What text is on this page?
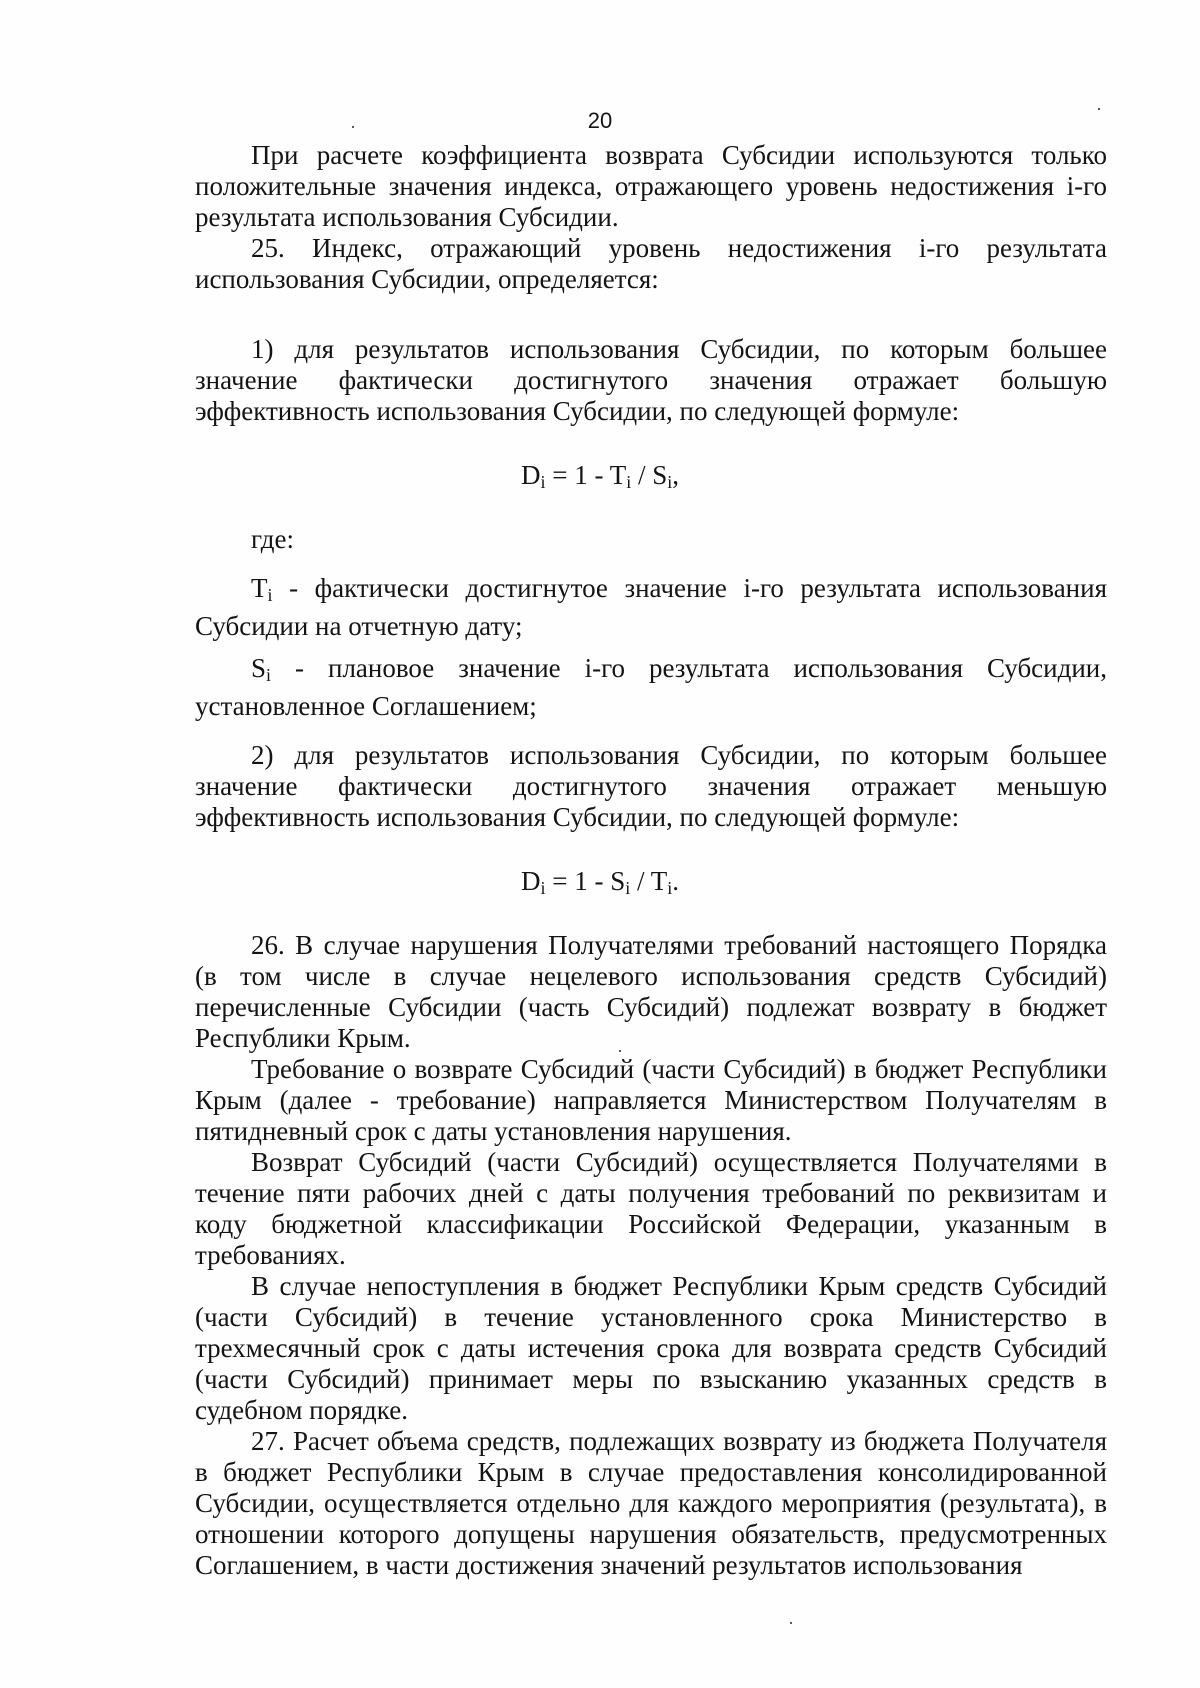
20
При расчете коэффициента возврата Субсидии используются только положительные значения индекса, отражающего уровень недостижения i-го результата использования Субсидии.
25. Индекс, отражающий уровень недостижения i-го результата использования Субсидии, определяется:
1) для результатов использования Субсидии, по которым большее значение фактически достигнутого значения отражает большую эффективность использования Субсидии, по следующей формуле:
$D_i = 1 - T_i / S_i$,
где:
$T_i$ - фактически достигнутое значение i-го результата использования Субсидии на отчетную дату;
$S_i$ - плановое значение i-го результата использования Субсидии, установленное Соглашением;
2) для результатов использования Субсидии, по которым большее значение фактически достигнутого значения отражает меньшую эффективность использования Субсидии, по следующей формуле:
$D_i = 1 - S_i / T_i$.
26. В случае нарушения Получателями требований настоящего Порядка (в том числе в случае нецелевого использования средств Субсидий) перечисленные Субсидии (часть Субсидий) подлежат возврату в бюджет Республики Крым.
Требование о возврате Субсидий (части Субсидий) в бюджет Республики Крым (далее - требование) направляется Министерством Получателям в пятидневный срок с даты установления нарушения.
Возврат Субсидий (части Субсидий) осуществляется Получателями в течение пяти рабочих дней с даты получения требований по реквизитам и коду бюджетной классификации Российской Федерации, указанным в требованиях.
В случае непоступления в бюджет Республики Крым средств Субсидий (части Субсидий) в течение установленного срока Министерство в трехмесячный срок с даты истечения срока для возврата средств Субсидий (части Субсидий) принимает меры по взысканию указанных средств в судебном порядке.
27. Расчет объема средств, подлежащих возврату из бюджета Получателя в бюджет Республики Крым в случае предоставления консолидированной Субсидии, осуществляется отдельно для каждого мероприятия (результата), в отношении которого допущены нарушения обязательств, предусмотренных Соглашением, в части достижения значений результатов использования
